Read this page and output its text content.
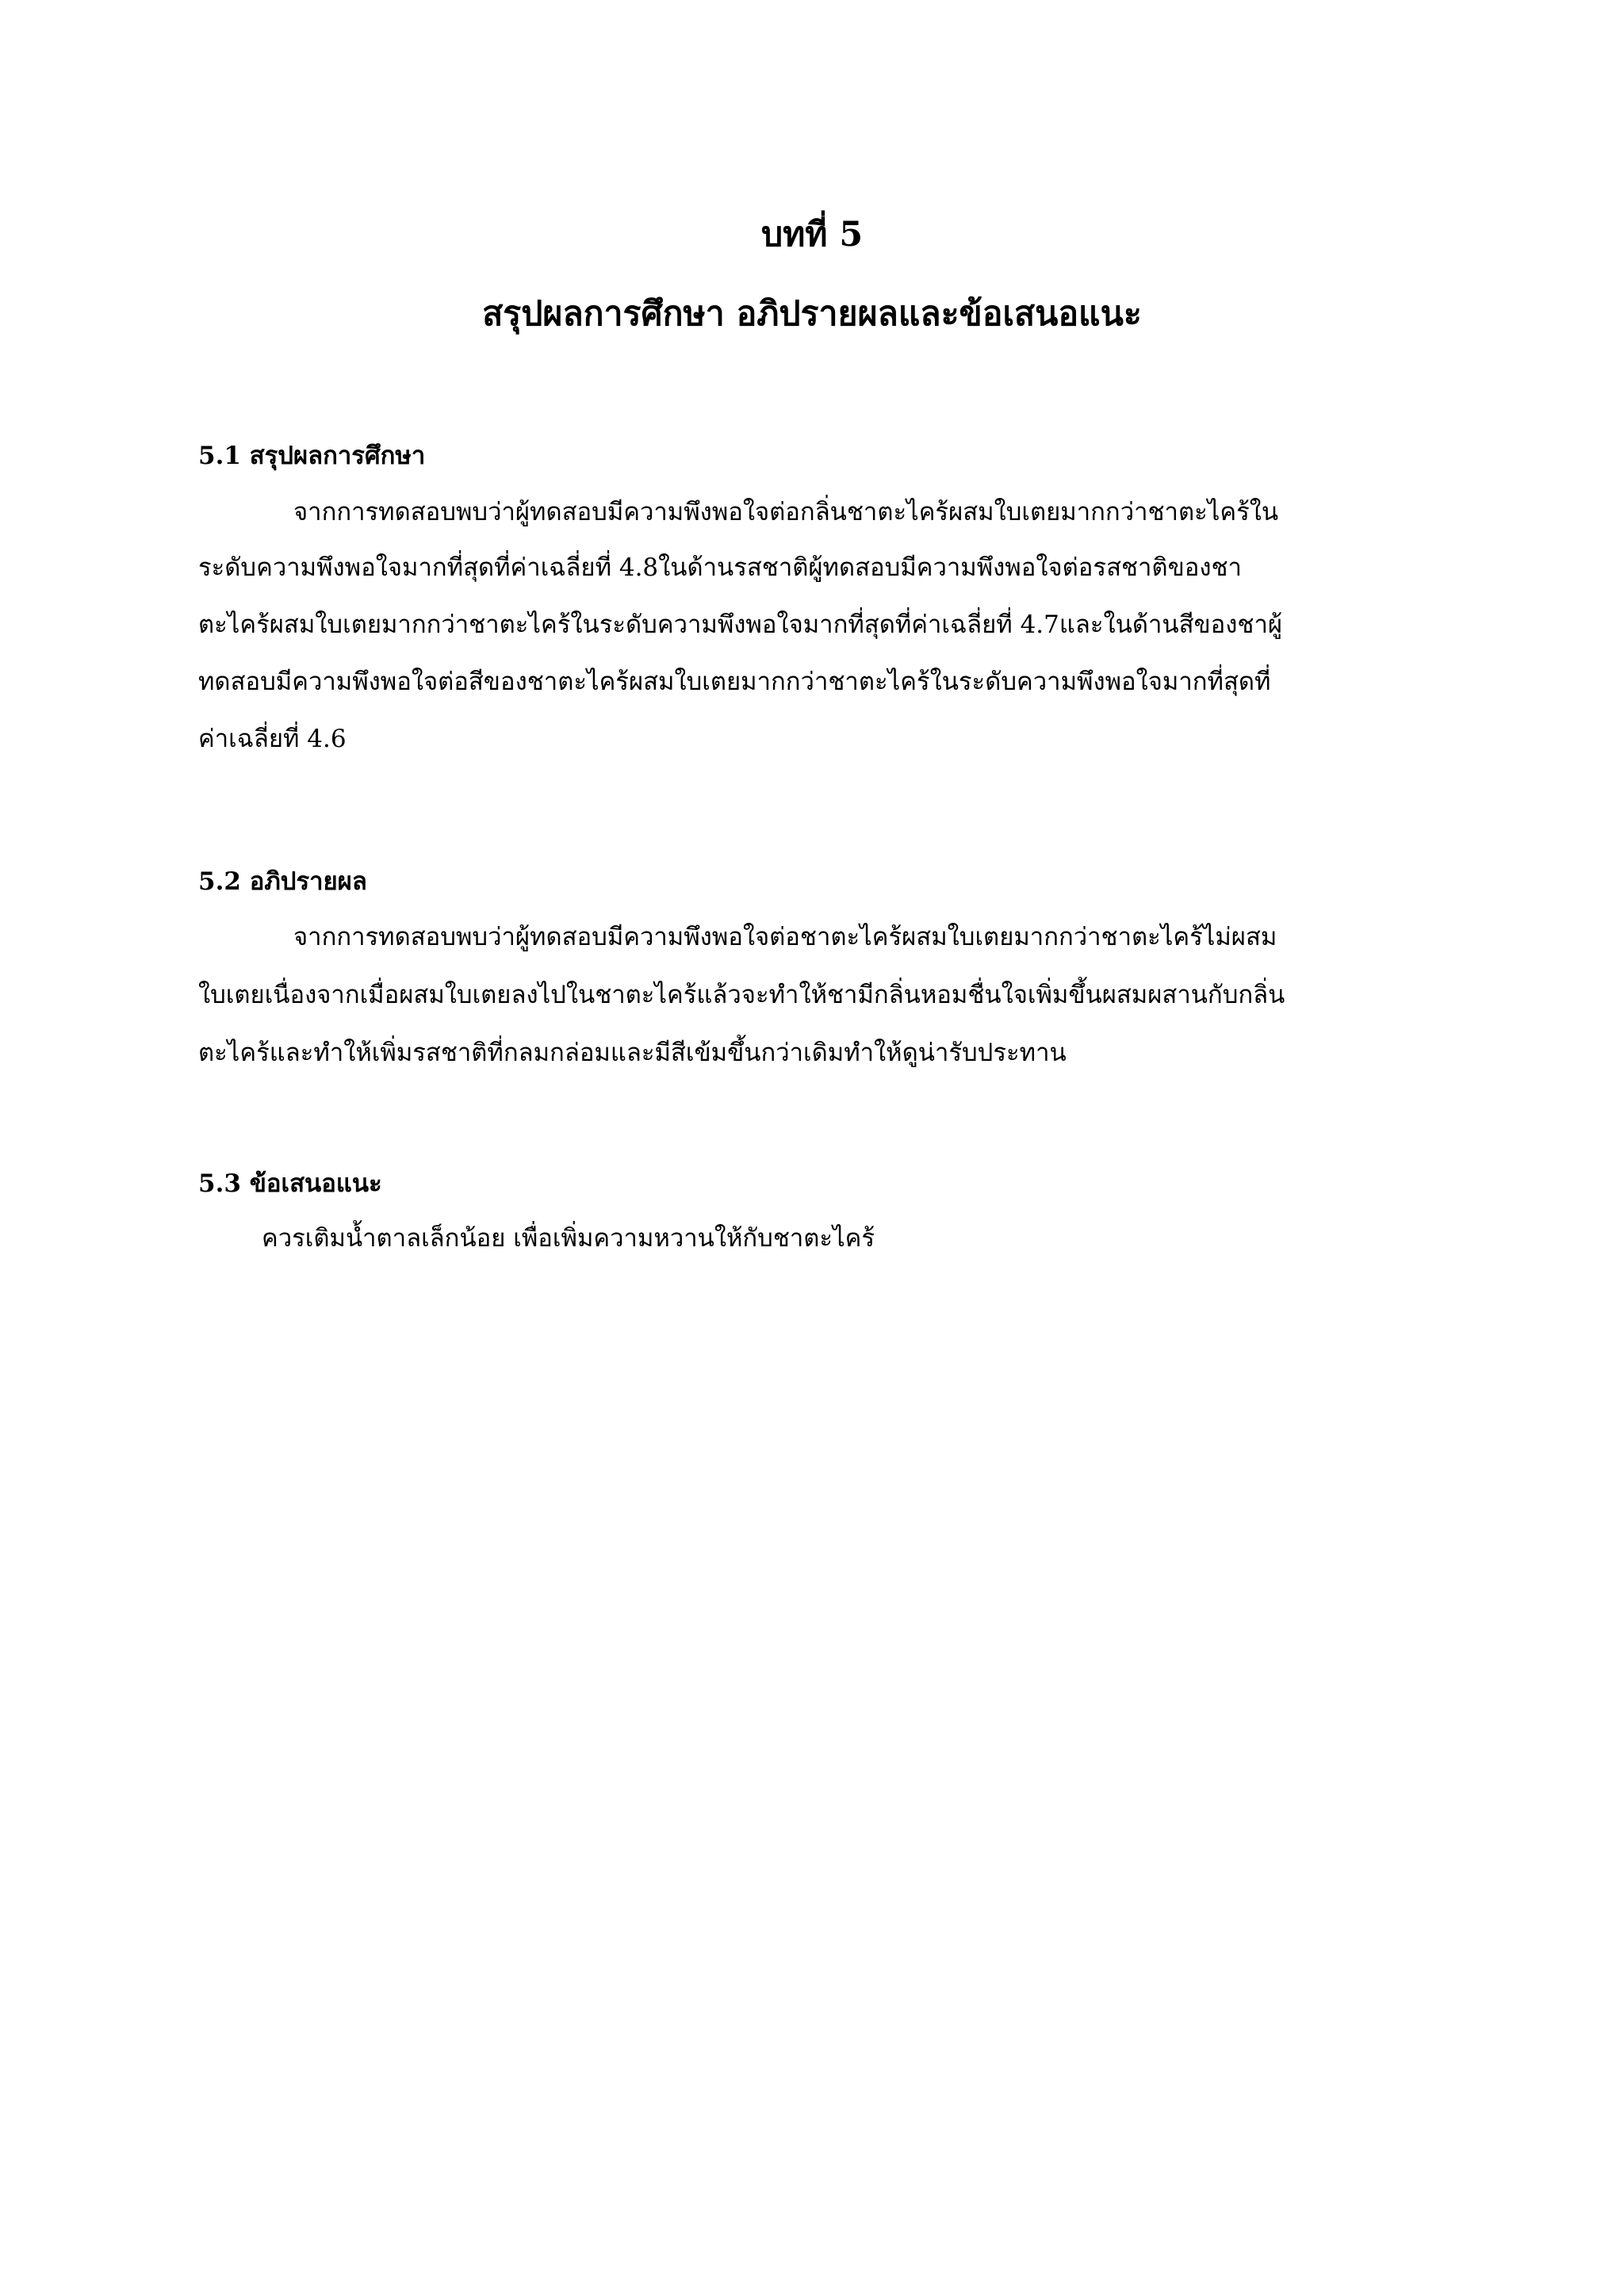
บทที่ 5
สรุปผลการศึกษา อภิปรายผลและข้อเสนอแนะ
5.1 สรุปผลการศึกษา
จากการทดสอบพบว่าผู้ทดสอบมีความพึงพอใจต่อกลิ่นชาตะไคร้ผสมใบเตยมากกว่าชาตะไคร้ใน
ระดับความพึงพอใจมากที่สุดที่ค่าเฉลี่ยที่ 4.8ในด้านรสชาติผู้ทดสอบมีความพึงพอใจต่อรสชาติของชา
ตะไคร้ผสมใบเตยมากกว่าชาตะไคร้ในระดับความพึงพอใจมากที่สุดที่ค่าเฉลี่ยที่ 4.7และในด้านสีของชาผู้
ทดสอบมีความพึงพอใจต่อสีของชาตะไคร้ผสมใบเตยมากกว่าชาตะไคร้ในระดับความพึงพอใจมากที่สุดที่
ค่าเฉลี่ยที่ 4.6
5.2 อภิปรายผล
จากการทดสอบพบว่าผู้ทดสอบมีความพึงพอใจต่อชาตะไคร้ผสมใบเตยมากกว่าชาตะไคร้ไม่ผสม
ใบเตยเนื่องจากเมื่อผสมใบเตยลงไปในชาตะไคร้แล้วจะทำให้ชามีกลิ่นหอมชื่นใจเพิ่มขึ้นผสมผสานกับกลิ่น
ตะไคร้และทำให้เพิ่มรสชาติที่กลมกล่อมและมีสีเข้มขึ้นกว่าเดิมทำให้ดูน่ารับประทาน
5.3 ข้อเสนอแนะ
ควรเติมน้ำตาลเล็กน้อย เพื่อเพิ่มความหวานให้กับชาตะไคร้
